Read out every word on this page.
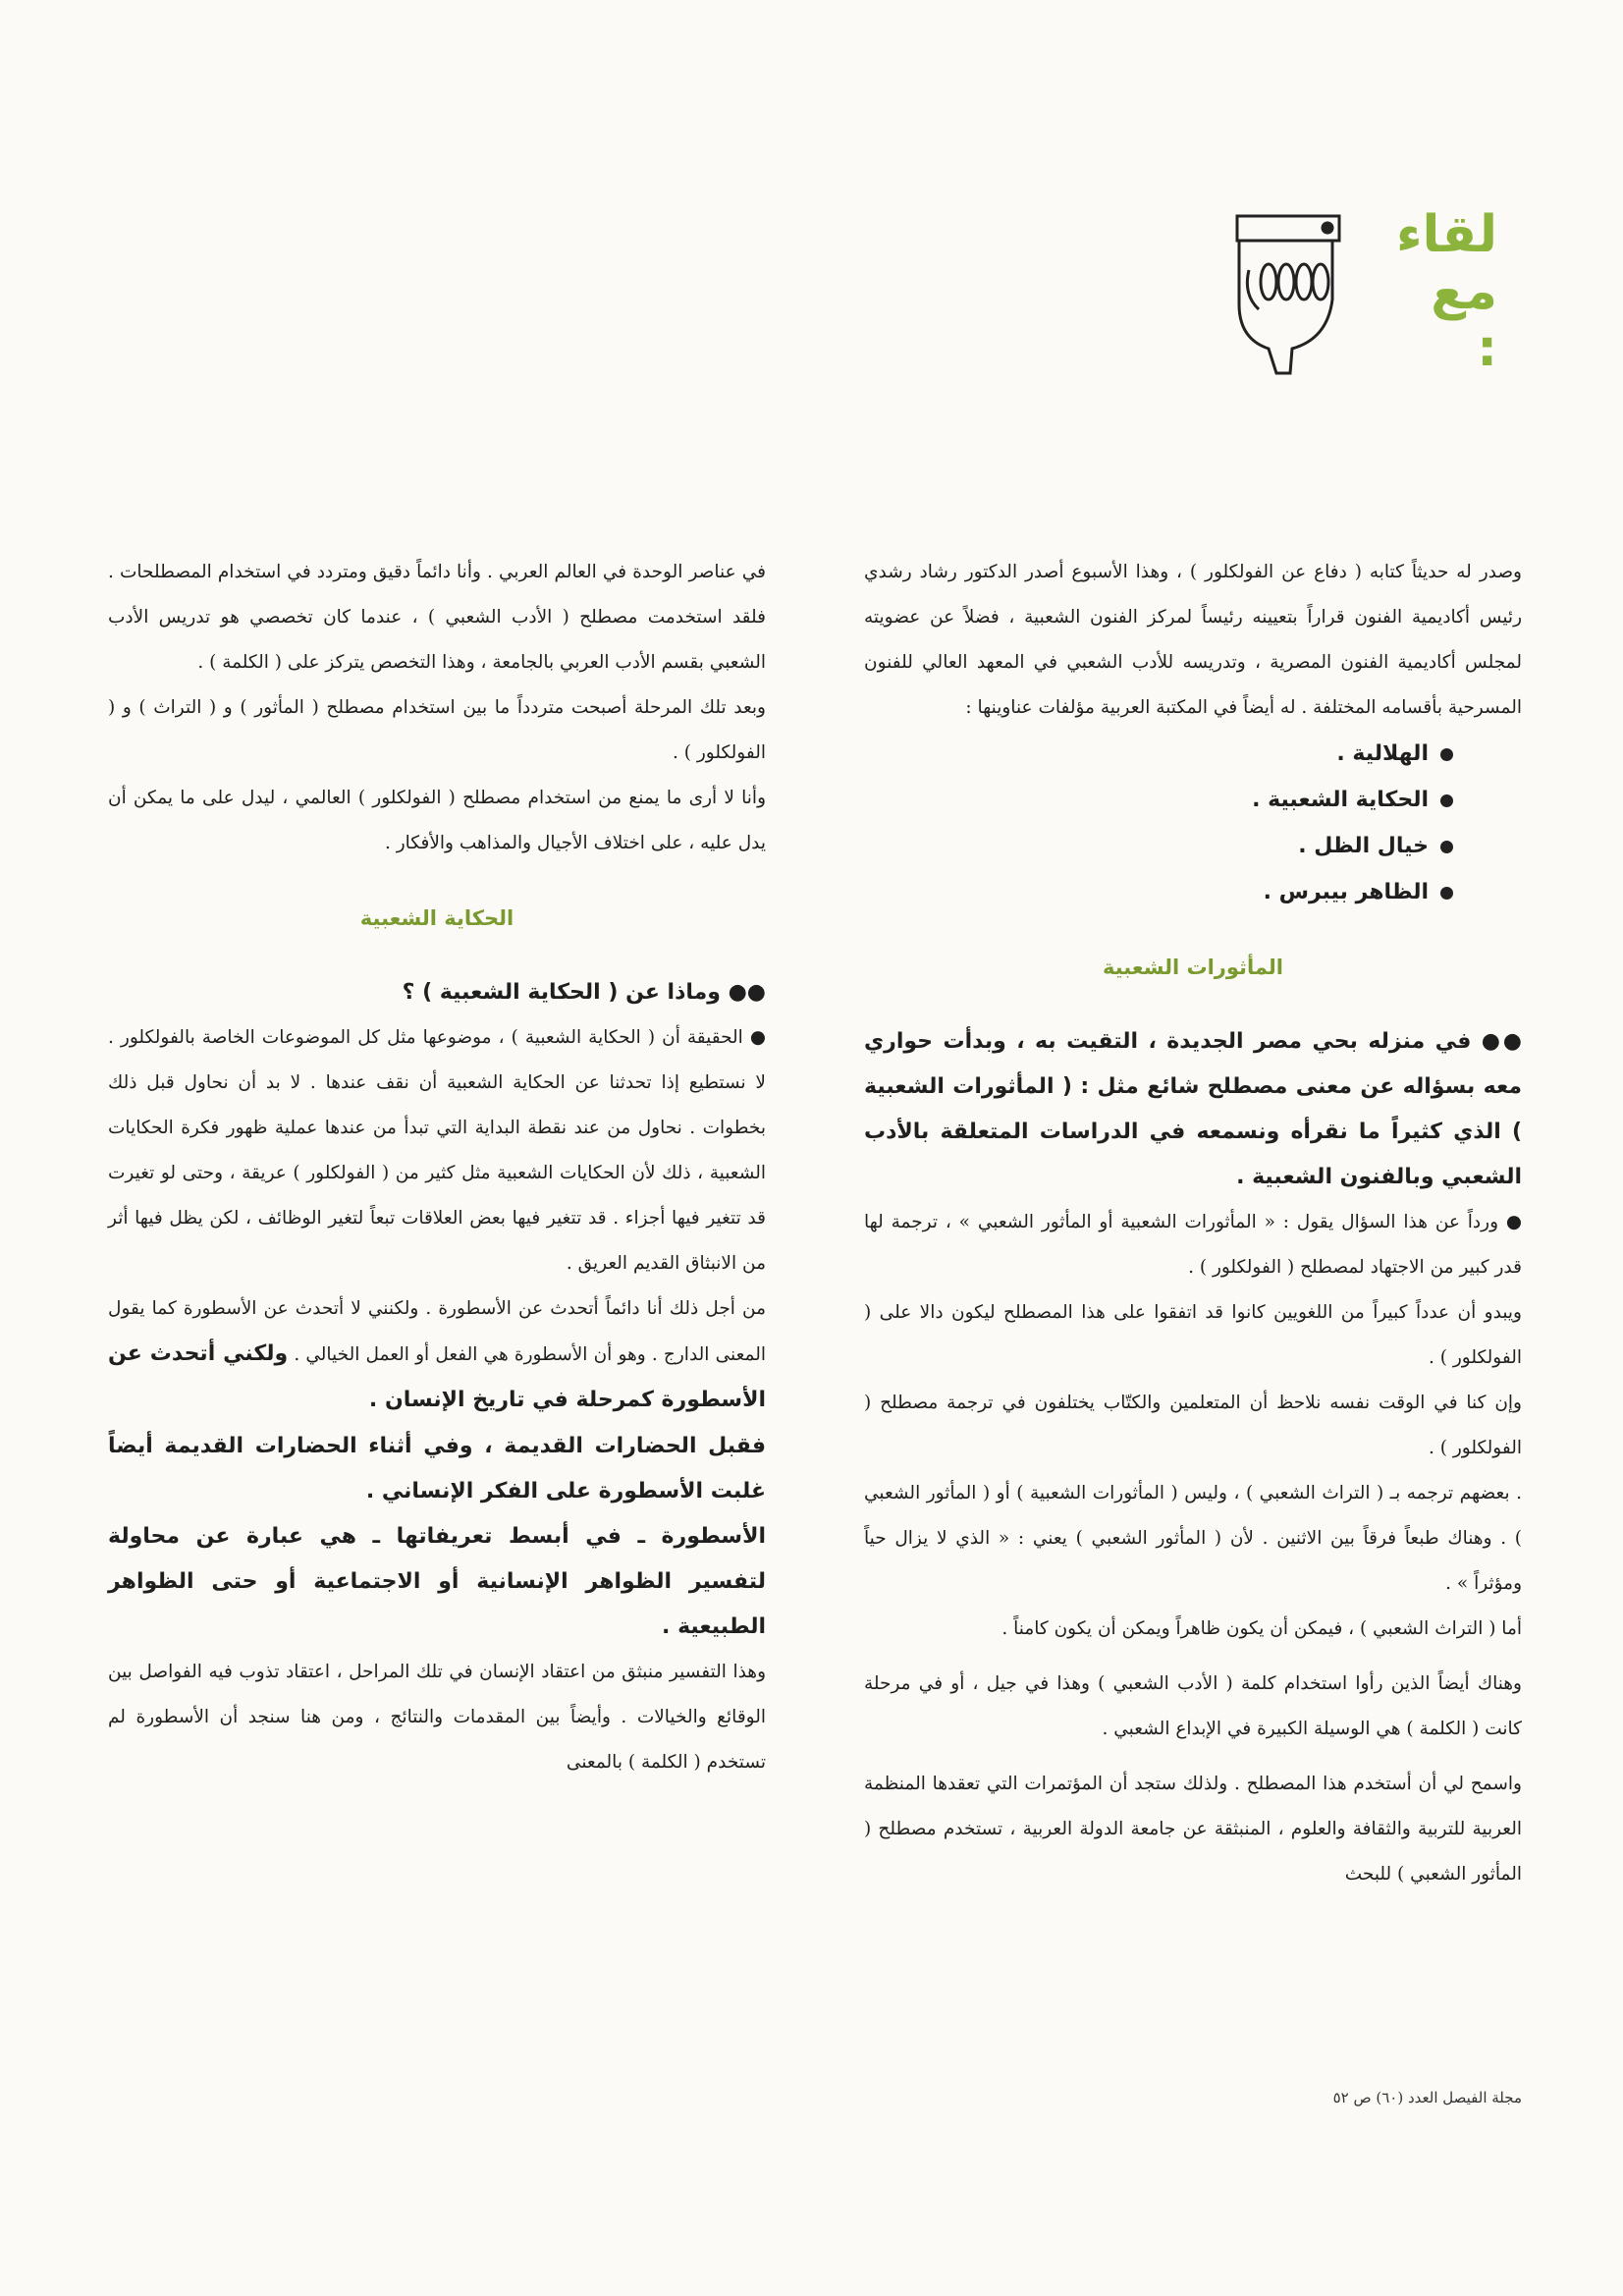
لقاء
مع :

وصدر له حديثاً كتابه ( دفاع عن الفولكلور ) ، وهذا الأسبوع أصدر الدكتور رشاد رشدي رئيس أكاديمية الفنون قراراً بتعيينه رئيساً لمركز الفنون الشعبية ، فضلاً عن عضويته لمجلس أكاديمية الفنون المصرية ، وتدريسه للأدب الشعبي في المعهد العالي للفنون المسرحية بأقسامه المختلفة . له أيضاً في المكتبة العربية مؤلفات عناوينها :

الهلالية .
الحكاية الشعبية .
خيال الظل .
الظاهر بيبرس .

المأثورات الشعبية

●● في منزله بحي مصر الجديدة ، التقيت به ، وبدأت حواري معه بسؤاله عن معنى مصطلح شائع مثل : ( المأثورات الشعبية ) الذي كثيراً ما نقرأه ونسمعه في الدراسات المتعلقة بالأدب الشعبي وبالفنون الشعبية .

● ورداً عن هذا السؤال يقول : « المأثورات الشعبية أو المأثور الشعبي » ، ترجمة لها قدر كبير من الاجتهاد لمصطلح ( الفولكلور ) .

ويبدو أن عدداً كبيراً من اللغويين كانوا قد اتفقوا على هذا المصطلح ليكون دالا على ( الفولكلور ) .

وإن كنا في الوقت نفسه نلاحظ أن المتعلمين والكتّاب يختلفون في ترجمة مصطلح ( الفولكلور ) .

. بعضهم ترجمه بـ ( التراث الشعبي ) ، وليس ( المأثورات الشعبية ) أو ( المأثور الشعبي ) . وهناك طبعاً فرقاً بين الاثنين . لأن ( المأثور الشعبي ) يعني : « الذي لا يزال حياً ومؤثراً » .

أما ( التراث الشعبي ) ، فيمكن أن يكون ظاهراً ويمكن أن يكون كامناً .

وهناك أيضاً الذين رأوا استخدام كلمة ( الأدب الشعبي ) وهذا في جيل ، أو في مرحلة كانت ( الكلمة ) هي الوسيلة الكبيرة في الإبداع الشعبي .

واسمح لي أن أستخدم هذا المصطلح . ولذلك ستجد أن المؤتمرات التي تعقدها المنظمة العربية للتربية والثقافة والعلوم ، المنبثقة عن جامعة الدولة العربية ، تستخدم مصطلح ( المأثور الشعبي ) للبحث

في عناصر الوحدة في العالم العربي . وأنا دائماً دقيق ومتردد في استخدام المصطلحات . فلقد استخدمت مصطلح ( الأدب الشعبي ) ، عندما كان تخصصي هو تدريس الأدب الشعبي بقسم الأدب العربي بالجامعة ، وهذا التخصص يتركز على ( الكلمة ) .

وبعد تلك المرحلة أصبحت متردداً ما بين استخدام مصطلح ( المأثور ) و ( التراث ) و ( الفولكلور ) .

وأنا لا أرى ما يمنع من استخدام مصطلح ( الفولكلور ) العالمي ، ليدل على ما يمكن أن يدل عليه ، على اختلاف الأجيال والمذاهب والأفكار .

الحكاية الشعبية

●● وماذا عن ( الحكاية الشعبية ) ؟

● الحقيقة أن ( الحكاية الشعبية ) ، موضوعها مثل كل الموضوعات الخاصة بالفولكلور . لا نستطيع إذا تحدثنا عن الحكاية الشعبية أن نقف عندها . لا بد أن نحاول قبل ذلك بخطوات . نحاول من عند نقطة البداية التي تبدأ من عندها عملية ظهور فكرة الحكايات الشعبية ، ذلك لأن الحكايات الشعبية مثل كثير من ( الفولكلور ) عريقة ، وحتى لو تغيرت قد تتغير فيها أجزاء . قد تتغير فيها بعض العلاقات تبعاً لتغير الوظائف ، لكن يظل فيها أثر من الانبثاق القديم العريق .

من أجل ذلك أنا دائماً أتحدث عن الأسطورة . ولكنني لا أتحدث عن الأسطورة كما يقول المعنى الدارج . وهو أن الأسطورة هي الفعل أو العمل الخيالي . ولكني أتحدث عن الأسطورة كمرحلة في تاريخ الإنسان .

فقبل الحضارات القديمة ، وفي أثناء الحضارات القديمة أيضاً غلبت الأسطورة على الفكر الإنساني .

الأسطورة ـ في أبسط تعريفاتها ـ هي عبارة عن محاولة لتفسير الظواهر الإنسانية أو الاجتماعية أو حتى الظواهر الطبيعية .

وهذا التفسير منبثق من اعتقاد الإنسان في تلك المراحل ، اعتقاد تذوب فيه الفواصل بين الوقائع والخيالات . وأيضاً بين المقدمات والنتائج ، ومن هنا سنجد أن الأسطورة لم تستخدم ( الكلمة ) بالمعنى

مجلة الفيصل العدد (٦٠) ص ٥٢
